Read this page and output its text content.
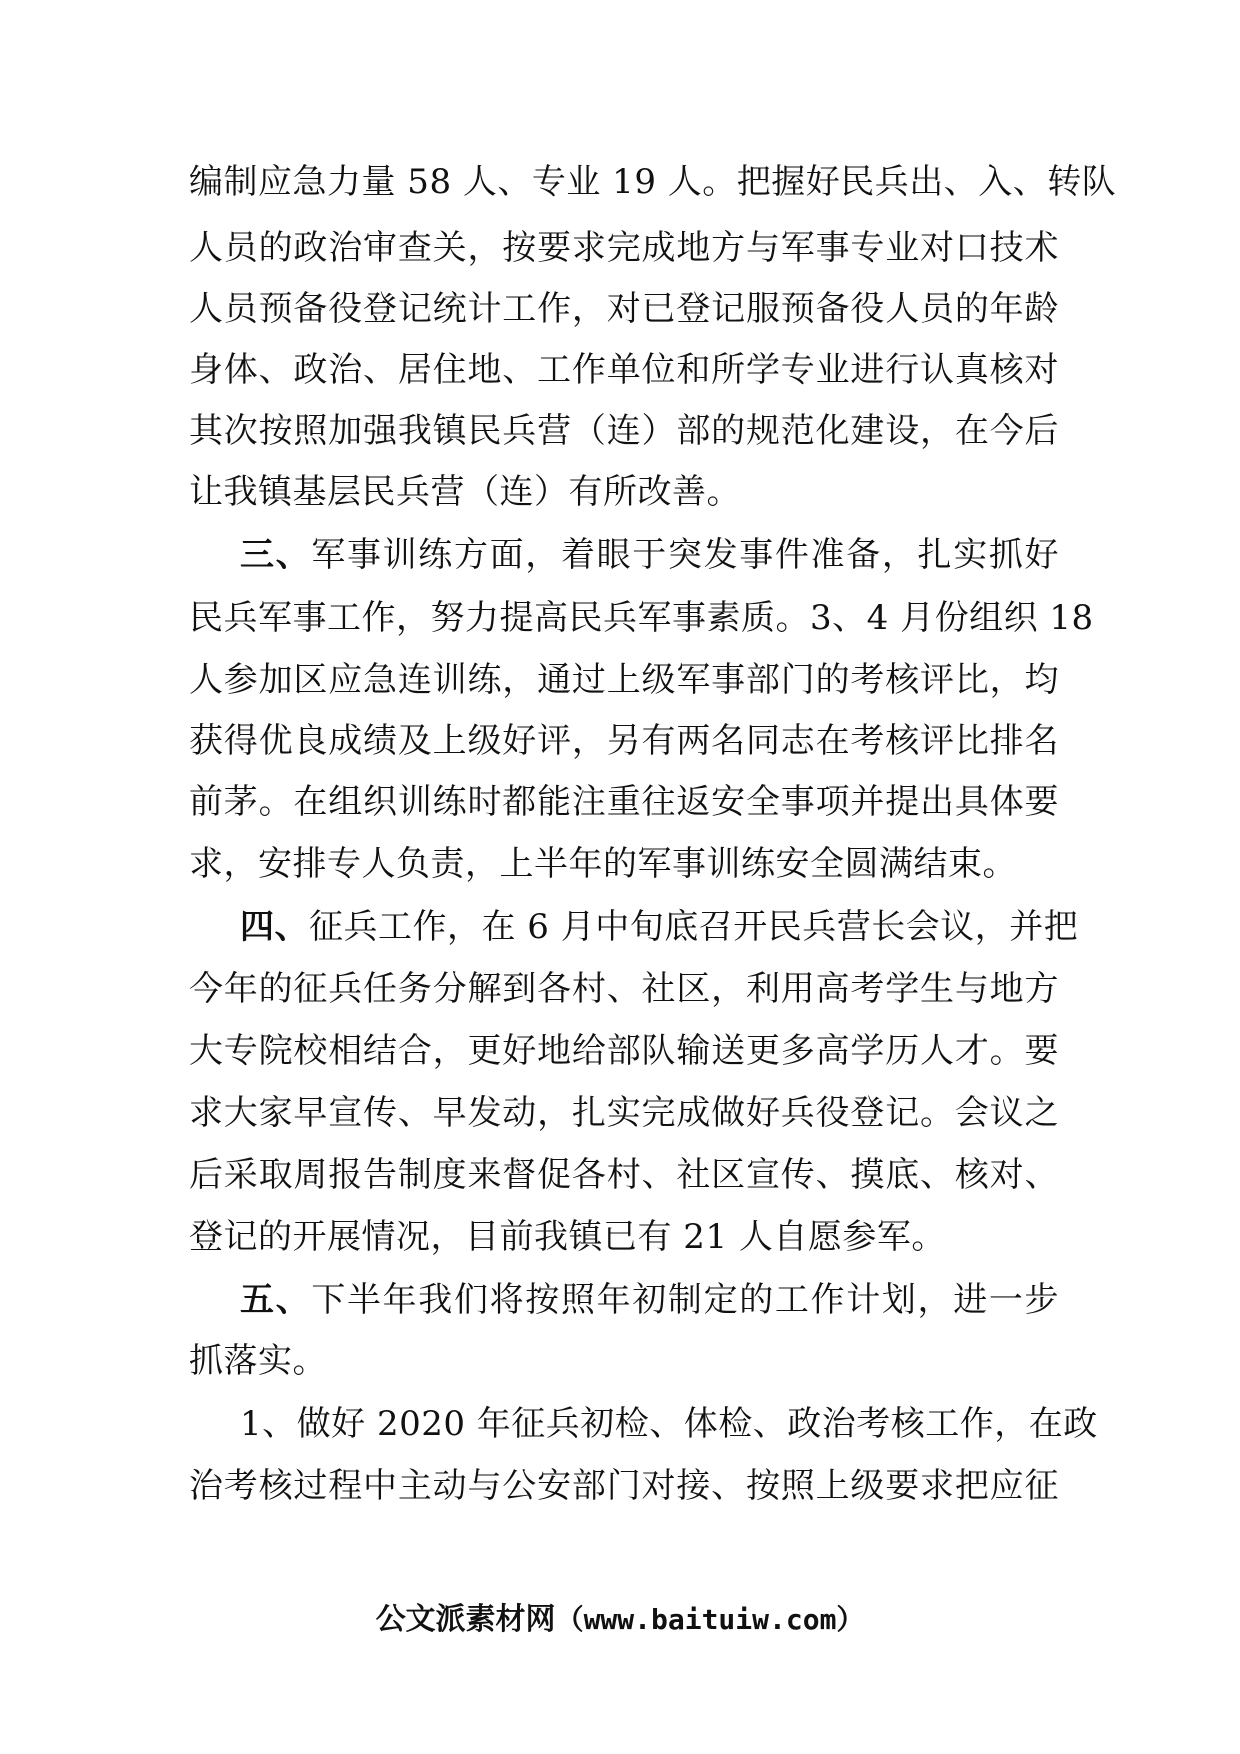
编制应急力量 58 人、专业 19 人。把握好民兵出、入、转队
人员的政治审查关，按要求完成地方与军事专业对口技术
人员预备役登记统计工作，对已登记服预备役人员的年龄
身体、政治、居住地、工作单位和所学专业进行认真核对
其次按照加强我镇民兵营（连）部的规范化建设，在今后
让我镇基层民兵营（连）有所改善。
三、军事训练方面，着眼于突发事件准备，扎实抓好
民兵军事工作，努力提高民兵军事素质。3、4 月份组织 18
人参加区应急连训练，通过上级军事部门的考核评比，均
获得优良成绩及上级好评，另有两名同志在考核评比排名
前茅。在组织训练时都能注重往返安全事项并提出具体要
求，安排专人负责，上半年的军事训练安全圆满结束。
四、征兵工作，在 6 月中旬底召开民兵营长会议，并把
今年的征兵任务分解到各村、社区，利用高考学生与地方
大专院校相结合，更好地给部队输送更多高学历人才。要
求大家早宣传、早发动，扎实完成做好兵役登记。会议之
后采取周报告制度来督促各村、社区宣传、摸底、核对、
登记的开展情况，目前我镇已有 21 人自愿参军。
五、下半年我们将按照年初制定的工作计划，进一步
抓落实。
1、做好 2020 年征兵初检、体检、政治考核工作，在政
治考核过程中主动与公安部门对接、按照上级要求把应征
公文派素材网（www.baituiw.com）
